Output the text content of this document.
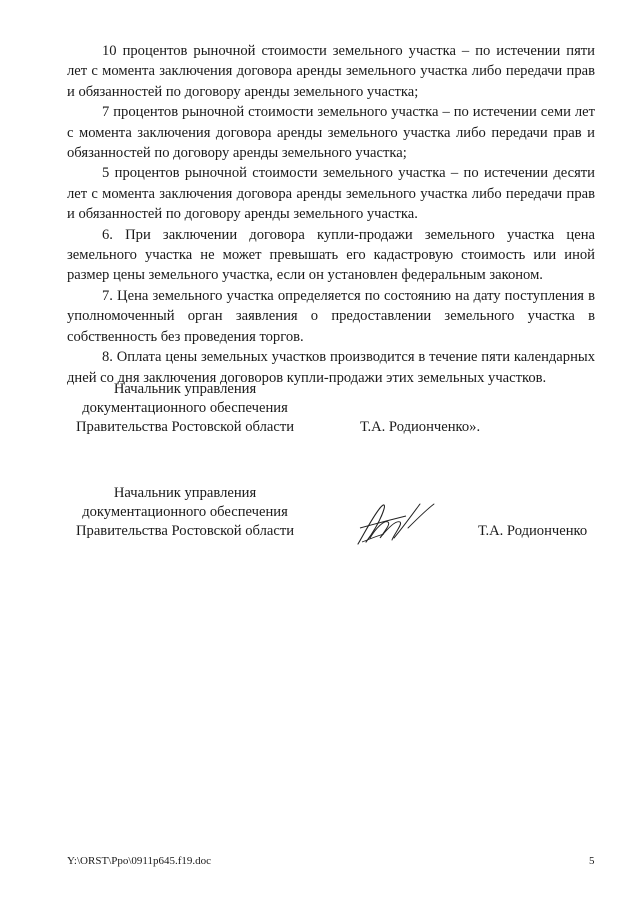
10 процентов рыночной стоимости земельного участка – по истечении пяти лет с момента заключения договора аренды земельного участка либо передачи прав и обязанностей по договору аренды земельного участка;

7 процентов рыночной стоимости земельного участка – по истечении семи лет с момента заключения договора аренды земельного участка либо передачи прав и обязанностей по договору аренды земельного участка;

5 процентов рыночной стоимости земельного участка – по истечении десяти лет с момента заключения договора аренды земельного участка либо передачи прав и обязанностей по договору аренды земельного участка.

6. При заключении договора купли-продажи земельного участка цена земельного участка не может превышать его кадастровую стоимость или иной размер цены земельного участка, если он установлен федеральным законом.

7. Цена земельного участка определяется по состоянию на дату поступления в уполномоченный орган заявления о предоставлении земельного участка в собственность без проведения торгов.

8. Оплата цены земельных участков производится в течение пяти календарных дней со дня заключения договоров купли-продажи этих земельных участков.

Начальник управления
документационного обеспечения
Правительства Ростовской области	Т.А. Родионченко».
Начальник управления
документационного обеспечения
Правительства Ростовской области	Т.А. Родионченко
Y:\ORST\Ppo\0911p645.f19.doc	5
